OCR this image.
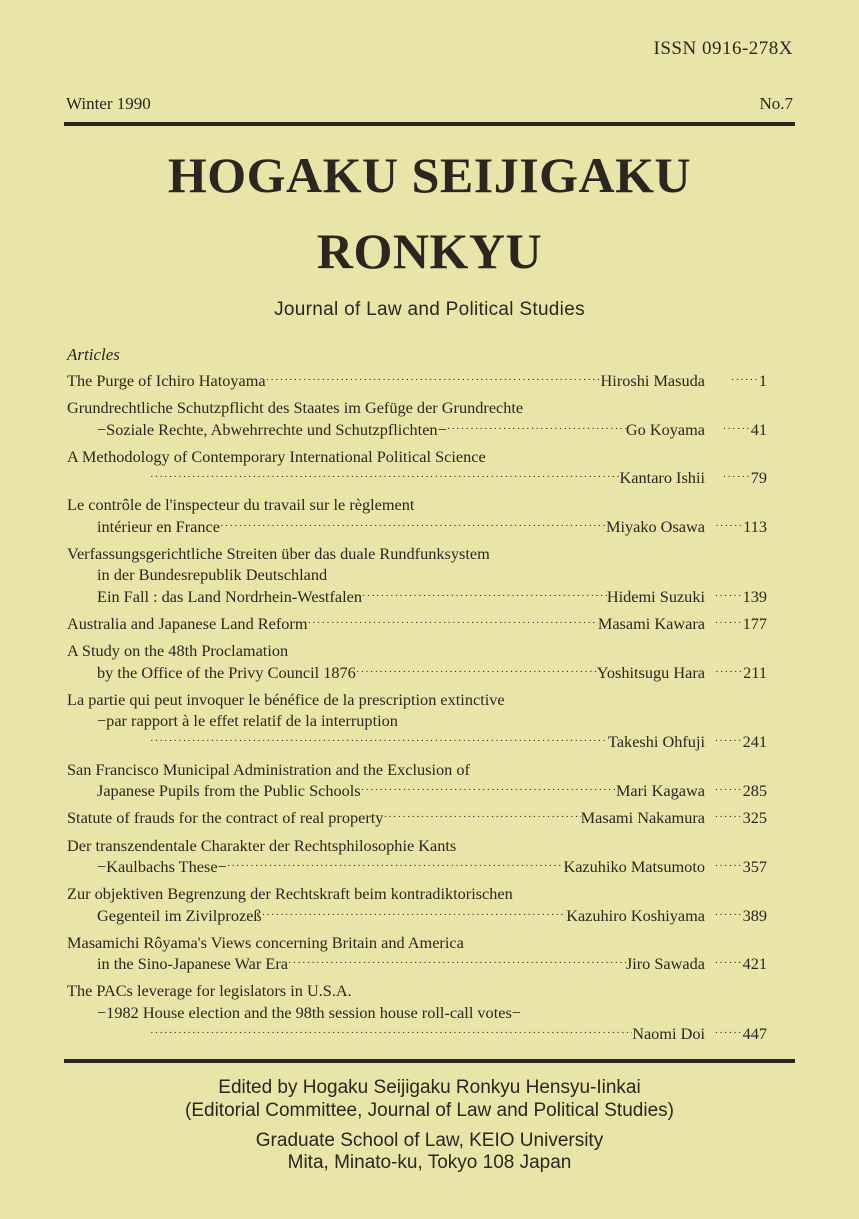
ISSN 0916-278X
Winter 1990	No.7
HOGAKU SEIJIGAKU
RONKYU
Journal of Law and Political Studies
Articles
The Purge of Ichiro Hatoyama ·····	Hiroshi Masuda ·····	1
Grundrechtliche Schutzpflicht des Staates im Gefüge der Grundrechte
−Soziale Rechte, Abwehrrechte und Schutzpflichten− ·····	Go Koyama ·····	41
A Methodology of Contemporary International Political Science
·····
Kantaro Ishii ·····	79
Le contrôle de l'inspecteur du travail sur le règlement
intérieur en France ·····	Miyako Osawa ····· 113
Verfassungsgerichtliche Streiten über das duale Rundfunksystem
in der Bundesrepublik Deutschland
Ein Fall : das Land Nordrhein-Westfalen ·····	Hidemi Suzuki ····· 139
Australia and Japanese Land Reform ·····	Masami Kawara ····· 177
A Study on the 48th Proclamation
by the Office of the Privy Council 1876 ·····	Yoshitsugu Hara ····· 211
La partie qui peut invoquer le bénéfice de la prescription extinctive
−par rapport à le effet relatif de la interruption
·····
Takeshi Ohfuji ····· 241
San Francisco Municipal Administration and the Exclusion of
Japanese Pupils from the Public Schools ·····	Mari Kagawa ····· 285
Statute of frauds for the contract of real property ·····	Masami Nakamura ····· 325
Der transzendentale Charakter der Rechtsphilosophie Kants
−Kaulbachs These− ·····	Kazuhiko Matsumoto ····· 357
Zur objektiven Begrenzung der Rechtskraft beim kontradiktorischen
Gegenteil im Zivilprozeß ·····	Kazuhiro Koshiyama ····· 389
Masamichi Rôyama's Views concerning Britain and America
in the Sino-Japanese War Era ·····	Jiro Sawada ····· 421
The PACs leverage for legislators in U.S.A.
−1982 House election and the 98th session house roll-call votes−
·····
Naomi Doi ····· 447
Edited by Hogaku Seijigaku Ronkyu Hensyu-Iinkai
(Editorial Committee, Journal of Law and Political Studies)
Graduate School of Law, KEIO University
Mita, Minato-ku, Tokyo 108 Japan
